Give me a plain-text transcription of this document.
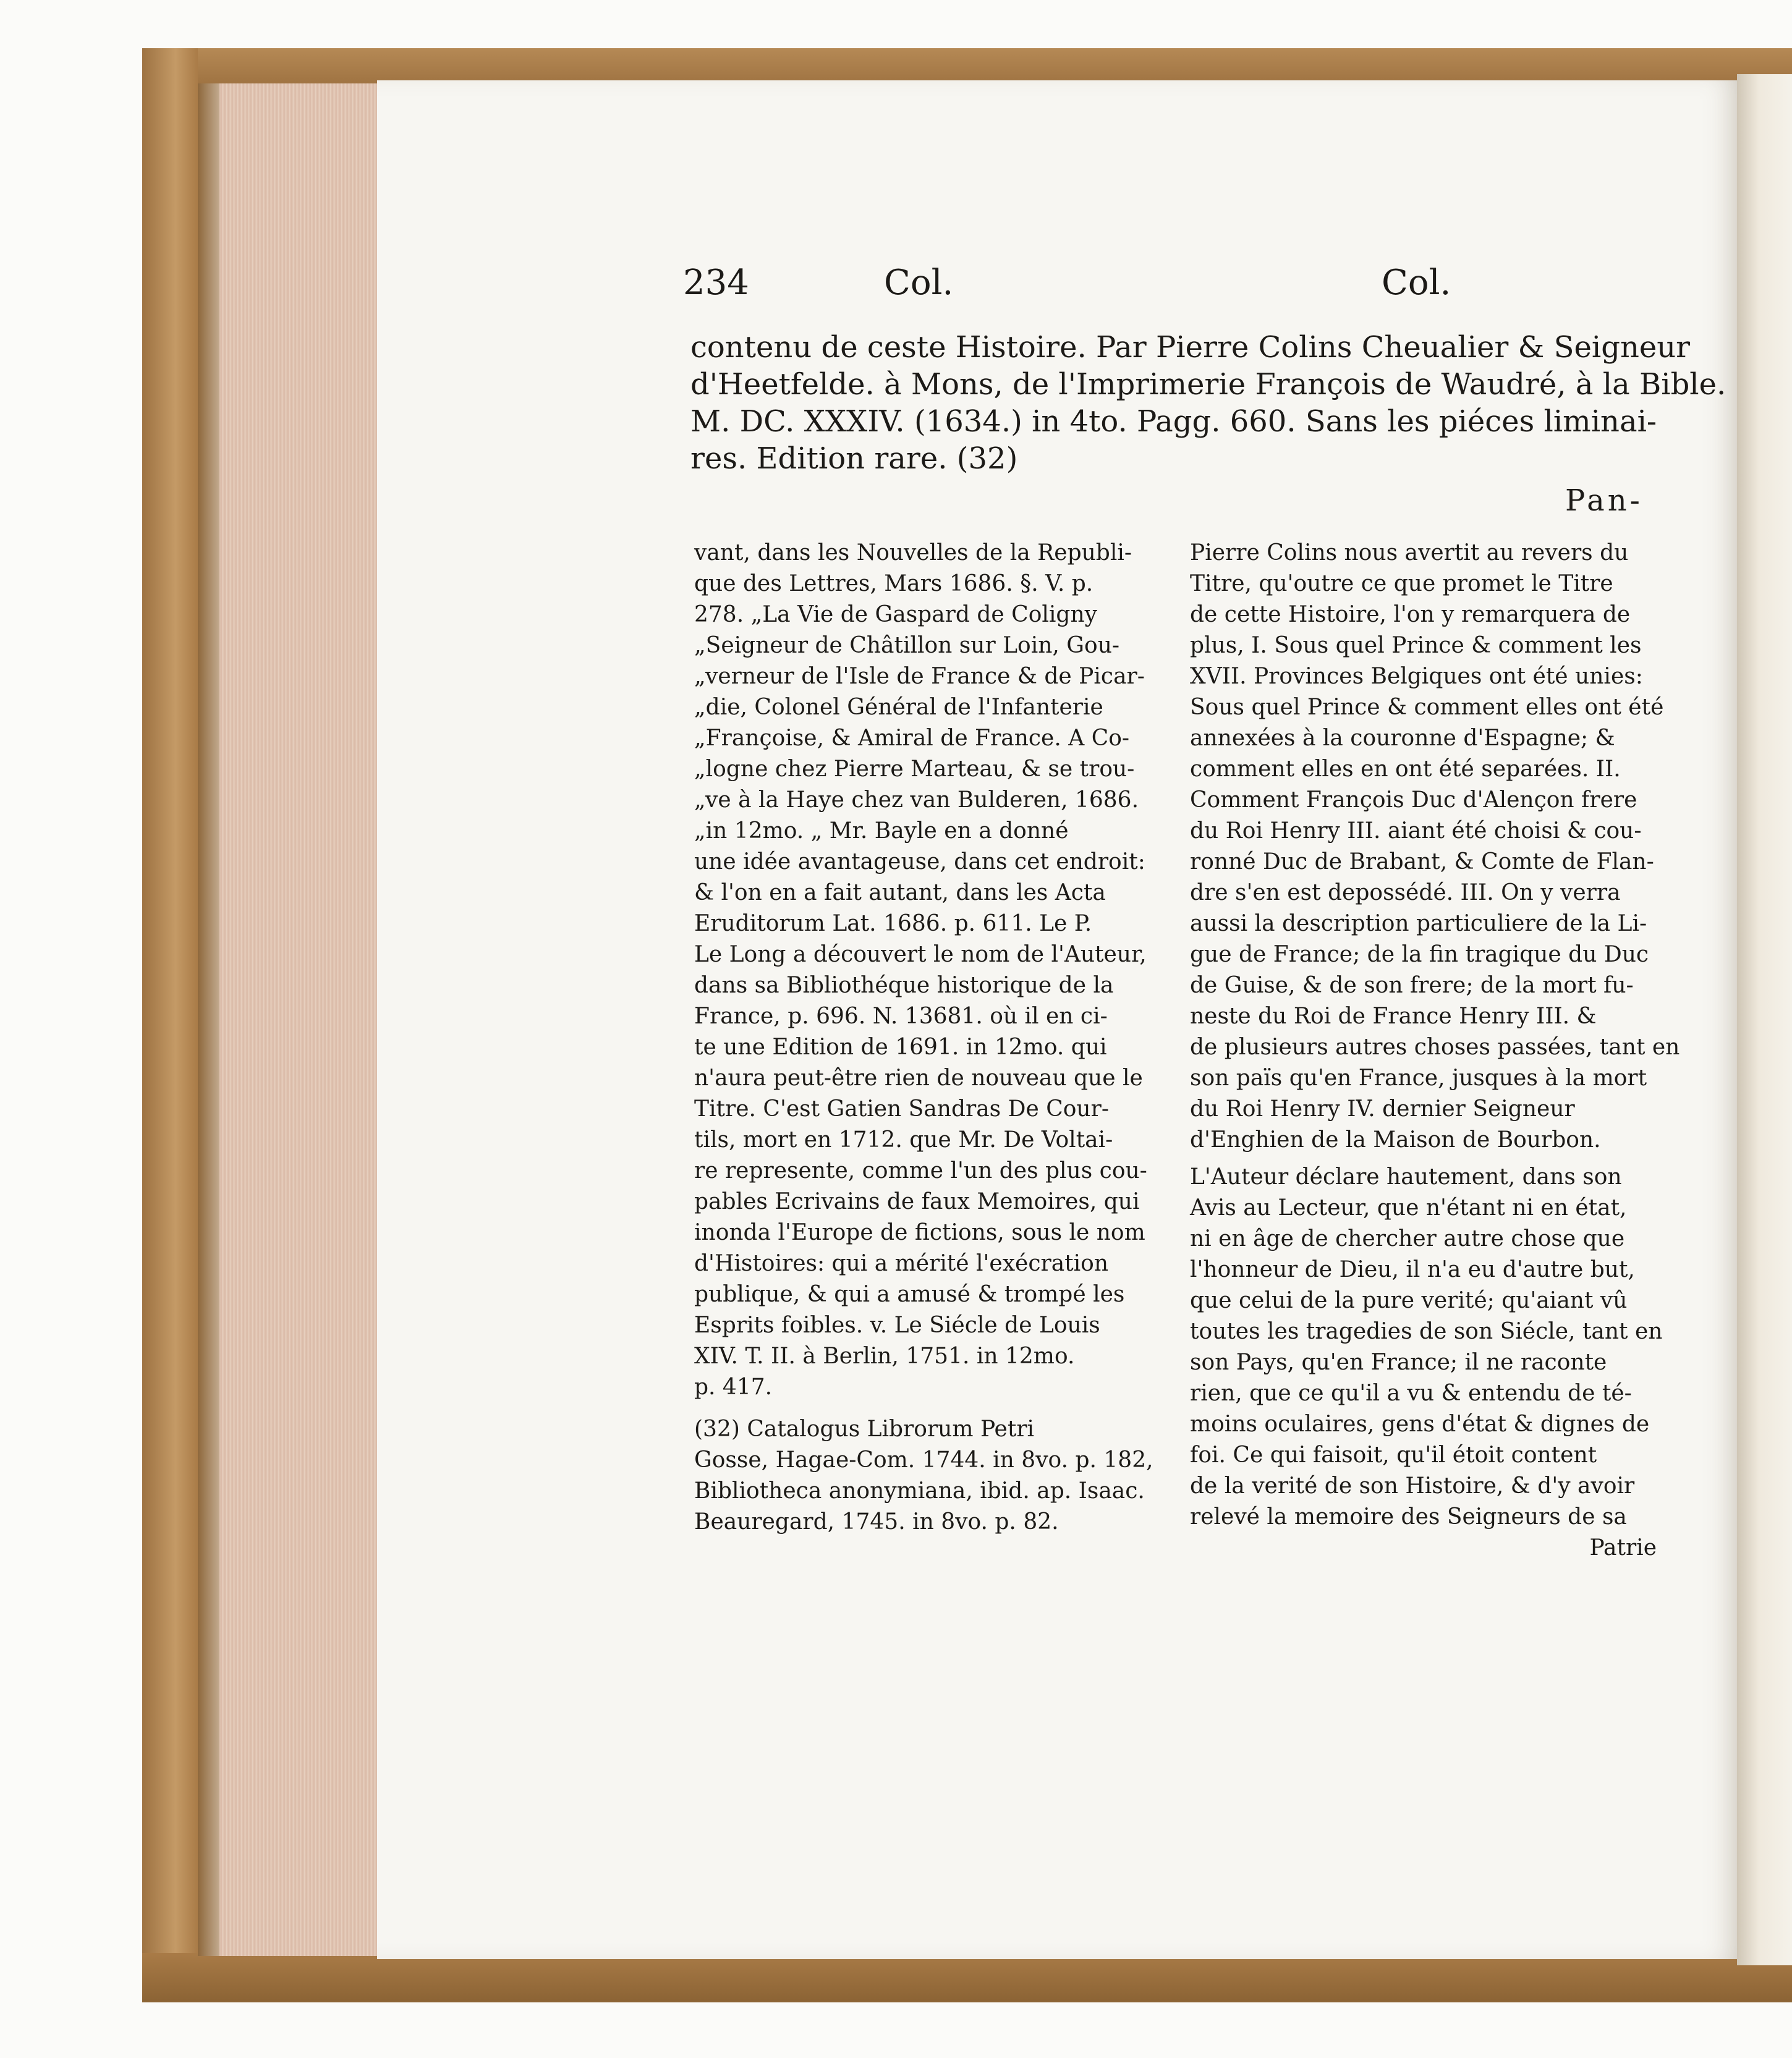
234	Col.	Col.
contenu de ceste Histoire. Par Pierre Colins Cheualier & Seigneur
d'Heetfelde. à Mons, de l'Imprimerie François de Waudré, à la Bible.
M. DC. XXXIV. (1634.) in 4to. Pagg. 660. Sans les piéces liminai-
res. Edition rare. (32)
Pan-
vant, dans les Nouvelles de la Republi-
que des Lettres, Mars 1686. §. V. p.
278. „La Vie de Gaspard de Coligny
„Seigneur de Châtillon sur Loin, Gou-
„verneur de l'Isle de France & de Picar-
„die, Colonel Général de l'Infanterie
„Françoise, & Amiral de France. A Co-
„logne chez Pierre Marteau, & se trou-
„ve à la Haye chez van Bulderen, 1686.
„in 12mo. „ Mr. Bayle en a donné
une idée avantageuse, dans cet endroit:
& l'on en a fait autant, dans les Acta
Eruditorum Lat. 1686. p. 611. Le P.
Le Long a découvert le nom de l'Auteur,
dans sa Bibliothéque historique de la
France, p. 696. N. 13681. où il en ci-
te une Edition de 1691. in 12mo. qui
n'aura peut-être rien de nouveau que le
Titre. C'est Gatien Sandras De Cour-
tils, mort en 1712. que Mr. De Voltai-
re represente, comme l'un des plus cou-
pables Ecrivains de faux Memoires, qui
inonda l'Europe de fictions, sous le nom
d'Histoires: qui a mérité l'exécration
publique, & qui a amusé & trompé les
Esprits foibles. v. Le Siécle de Louis
XIV. T. II. à Berlin, 1751. in 12mo.
p. 417.
(32) Catalogus Librorum Petri
Gosse, Hagae-Com. 1744. in 8vo. p. 182,
Bibliotheca anonymiana, ibid. ap. Isaac.
Beauregard, 1745. in 8vo. p. 82.
Pierre Colins nous avertit au revers du
Titre, qu'outre ce que promet le Titre
de cette Histoire, l'on y remarquera de
plus, I. Sous quel Prince & comment les
XVII. Provinces Belgiques ont été unies:
Sous quel Prince & comment elles ont été
annexées à la couronne d'Espagne; &
comment elles en ont été separées. II.
Comment François Duc d'Alençon frere
du Roi Henry III. aiant été choisi & cou-
ronné Duc de Brabant, & Comte de Flan-
dre s'en est depossédé. III. On y verra
aussi la description particuliere de la Li-
gue de France; de la fin tragique du Duc
de Guise, & de son frere; de la mort fu-
neste du Roi de France Henry III. &
de plusieurs autres choses passées, tant en
son païs qu'en France, jusques à la mort
du Roi Henry IV. dernier Seigneur
d'Enghien de la Maison de Bourbon.
L'Auteur déclare hautement, dans son
Avis au Lecteur, que n'étant ni en état,
ni en âge de chercher autre chose que
l'honneur de Dieu, il n'a eu d'autre but,
que celui de la pure verité; qu'aiant vû
toutes les tragedies de son Siécle, tant en
son Pays, qu'en France; il ne raconte
rien, que ce qu'il a vu & entendu de té-
moins oculaires, gens d'état & dignes de
foi. Ce qui faisoit, qu'il étoit content
de la verité de son Histoire, & d'y avoir
relevé la memoire des Seigneurs de sa
Patrie
